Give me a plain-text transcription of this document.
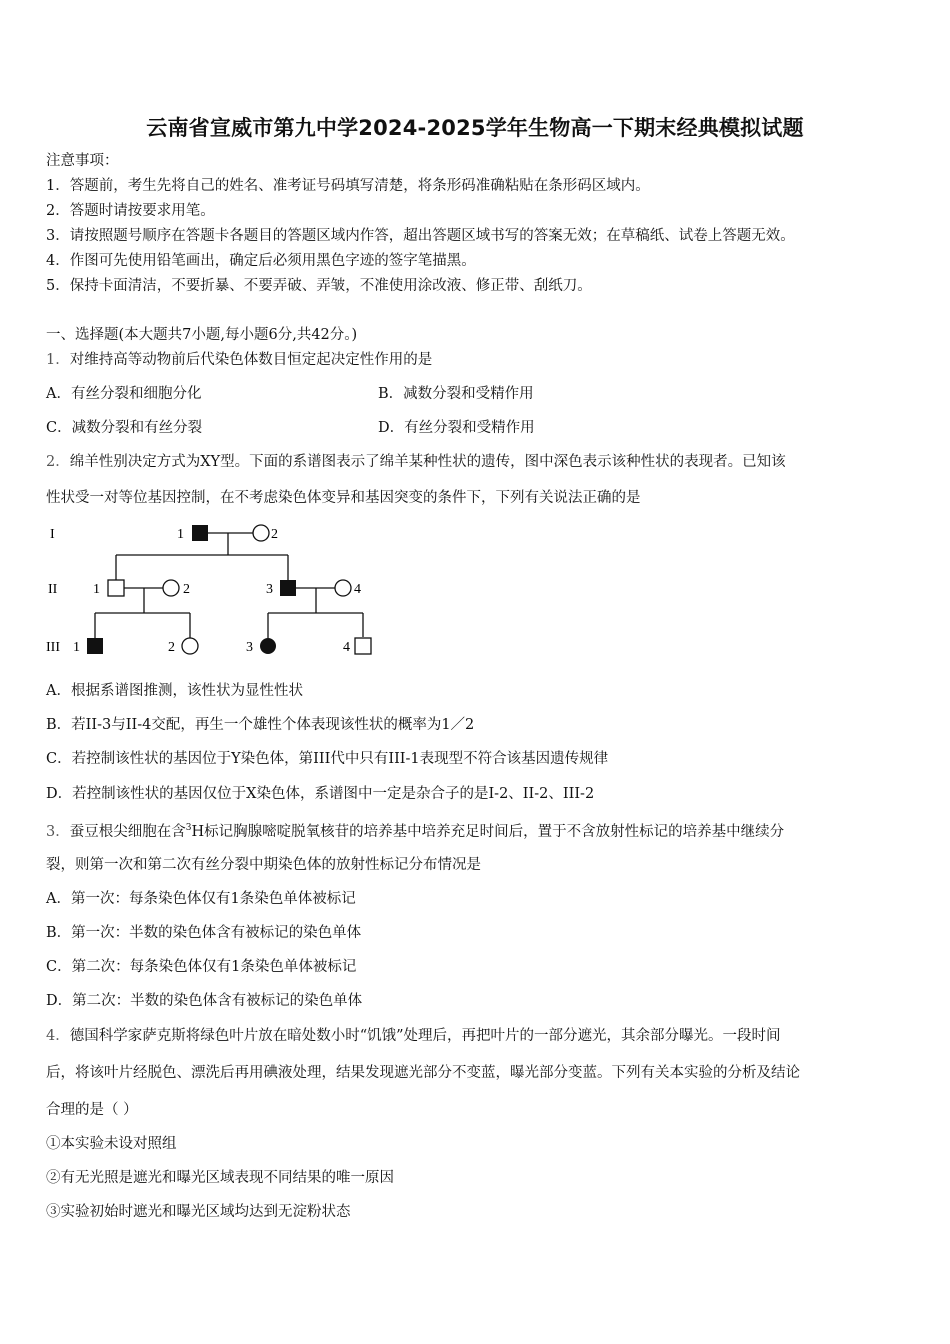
云南省宣威市第九中学2024-2025学年生物高一下期末经典模拟试题
注意事项：
1．答题前，考生先将自己的姓名、准考证号码填写清楚，将条形码准确粘贴在条形码区域内。
2．答题时请按要求用笔。
3．请按照题号顺序在答题卡各题目的答题区域内作答，超出答题区域书写的答案无效；在草稿纸、试卷上答题无效。
4．作图可先使用铅笔画出，确定后必须用黑色字迹的签字笔描黑。
5．保持卡面清洁，不要折暴、不要弄破、弄皱，不准使用涂改液、修正带、刮纸刀。
一、选择题(本大题共7小题,每小题6分,共42分。)
1．对维持高等动物前后代染色体数目恒定起决定性作用的是
A．有丝分裂和细胞分化	B．减数分裂和受精作用
C．减数分裂和有丝分裂	D．有丝分裂和受精作用
2．绵羊性别决定方式为XY型。下面的系谱图表示了绵羊某种性状的遗传，图中深色表示该种性状的表现者。已知该
性状受一对等位基因控制，在不考虑染色体变异和基因突变的条件下，下列有关说法正确的是
I
II
III
1	2
1	2	3	4
1	2	3	4
A．根据系谱图推测，该性状为显性性状
B．若II-3与II-4交配，再生一个雄性个体表现该性状的概率为1／2
C．若控制该性状的基因位于Y染色体，第III代中只有III-1表现型不符合该基因遗传规律
D．若控制该性状的基因仅位于X染色体，系谱图中一定是杂合子的是I-2、II-2、III-2
3．蚕豆根尖细胞在含$^3$H标记胸腺嘧啶脱氧核苷的培养基中培养充足时间后，置于不含放射性标记的培养基中继续分
裂，则第一次和第二次有丝分裂中期染色体的放射性标记分布情况是
A．第一次：每条染色体仅有1条染色单体被标记
B．第一次：半数的染色体含有被标记的染色单体
C．第二次：每条染色体仅有1条染色单体被标记
D．第二次：半数的染色体含有被标记的染色单体
4．德国科学家萨克斯将绿色叶片放在暗处数小时“饥饿”处理后，再把叶片的一部分遮光，其余部分曝光。一段时间
后，将该叶片经脱色、漂洗后再用碘液处理，结果发现遮光部分不变蓝，曝光部分变蓝。下列有关本实验的分析及结论
合理的是（ ）
①本实验未设对照组
②有无光照是遮光和曝光区域表现不同结果的唯一原因
③实验初始时遮光和曝光区域均达到无淀粉状态
